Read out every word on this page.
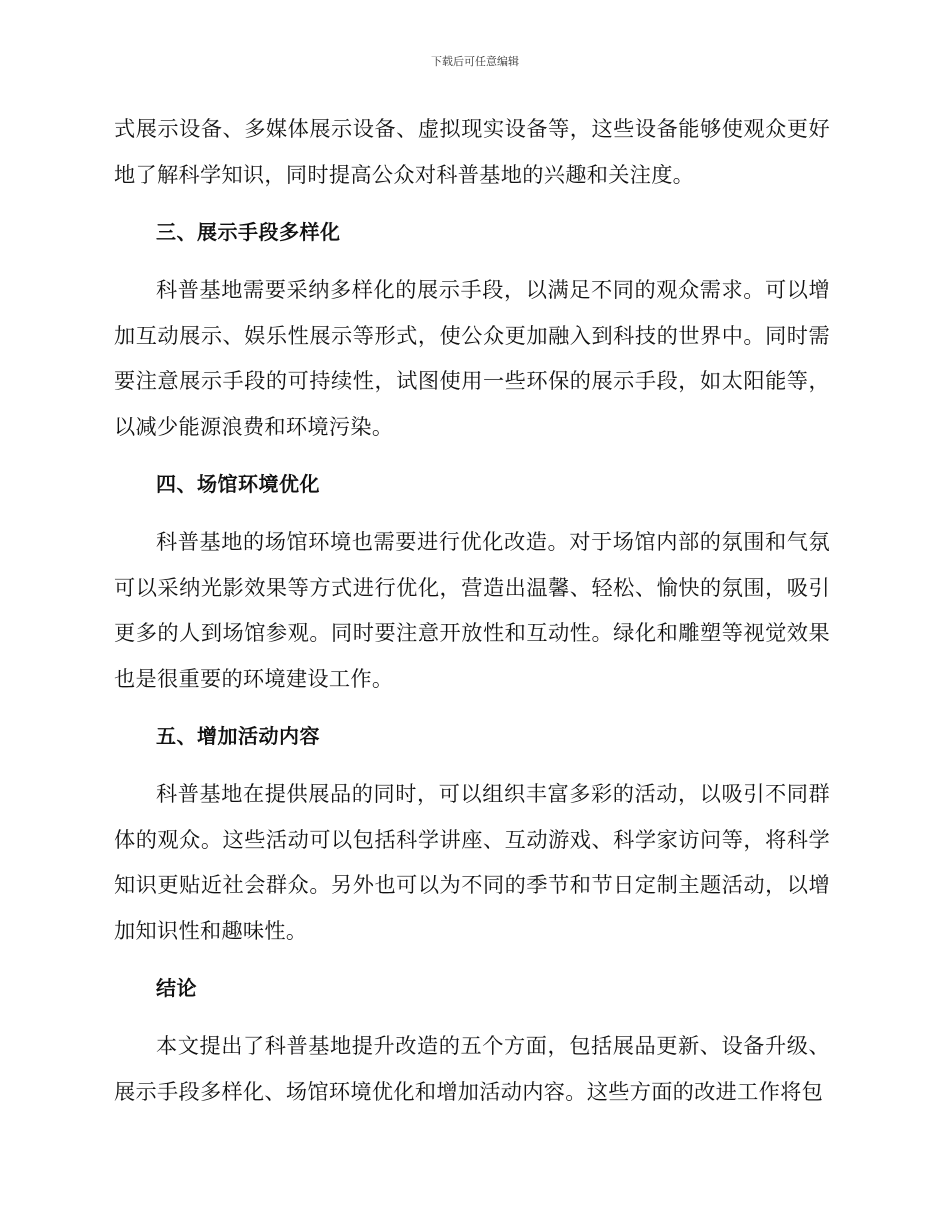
下载后可任意编辑

式展示设备、多媒体展示设备、虚拟现实设备等，这些设备能够使观众更好地了解科学知识，同时提高公众对科普基地的兴趣和关注度。

三、展示手段多样化

科普基地需要采纳多样化的展示手段，以满足不同的观众需求。可以增加互动展示、娱乐性展示等形式，使公众更加融入到科技的世界中。同时需要注意展示手段的可持续性，试图使用一些环保的展示手段，如太阳能等，以减少能源浪费和环境污染。

四、场馆环境优化

科普基地的场馆环境也需要进行优化改造。对于场馆内部的氛围和气氛可以采纳光影效果等方式进行优化，营造出温馨、轻松、愉快的氛围，吸引更多的人到场馆参观。同时要注意开放性和互动性。绿化和雕塑等视觉效果也是很重要的环境建设工作。

五、增加活动内容

科普基地在提供展品的同时，可以组织丰富多彩的活动，以吸引不同群体的观众。这些活动可以包括科学讲座、互动游戏、科学家访问等，将科学知识更贴近社会群众。另外也可以为不同的季节和节日定制主题活动，以增加知识性和趣味性。

结论

本文提出了科普基地提升改造的五个方面，包括展品更新、设备升级、展示手段多样化、场馆环境优化和增加活动内容。这些方面的改进工作将包
